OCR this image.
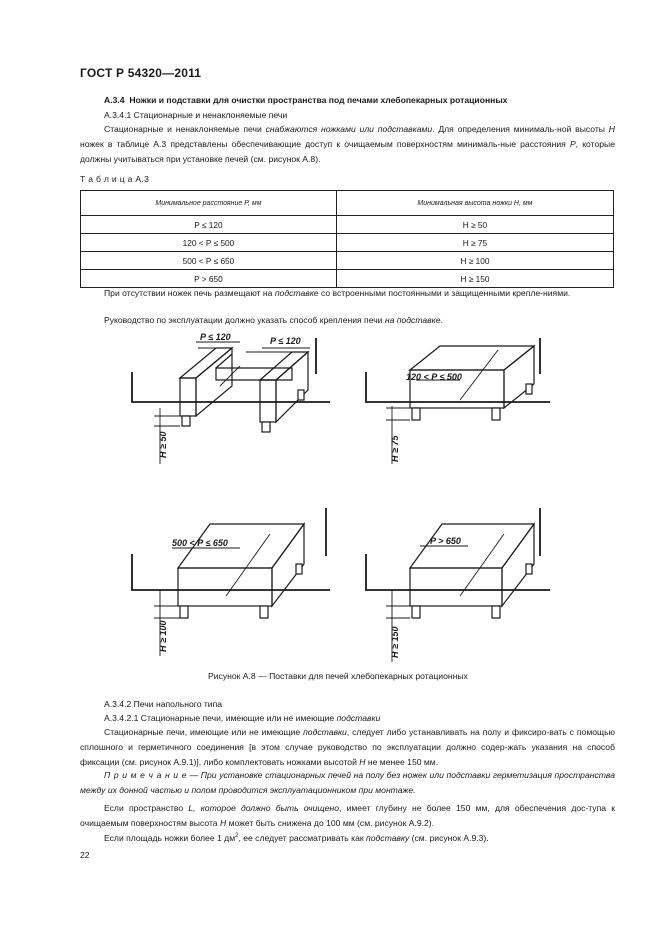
ГОСТ Р 54320—2011
А.3.4 Ножки и подставки для очистки пространства под печами хлебопекарных ротационных
А.3.4.1 Стационарные и ненаклоняемые печи
Стационарные и ненаклоняемые печи снабжаются ножками или подставками. Для определения минималь-ной высоты H ножек в таблице А.3 представлены обеспечивающие доступ к очищаемым поверхностям минималь-ные расстояния P, которые должны учитываться при установке печей (см. рисунок А.8).
Т а б л и ц а А.3
Минимальное расстояние P, мм	Минимальная высота ножки H, мм
P ≤ 120	H ≥ 50
120 < P ≤ 500	H ≥ 75
500 < P ≤ 650	H ≥ 100
P > 650	H ≥ 150
При отсутствии ножек печь размещают на подставке со встроенными постоянными и защищенными крепле-ниями.
Руководство по эксплуатации должно указать способ крепления печи на подставке.
P ≤ 120	P ≤ 120
H ≥ 50
120 < P ≤ 500
H ≥ 75
500 < P ≤ 650
H ≥ 100
P > 650
H ≥ 150
Рисунок А.8 — Поставки для печей хлебопекарных ротационных
А.3.4.2 Печи напольного типа
А.3.4.2.1 Стационарные печи, имеющие или не имеющие подставки
Стационарные печи, имеющие или не имеющие подставки, следует либо устанавливать на полу и фиксиро-вать с помощью сплошного и герметичного соединения [в этом случае руководство по эксплуатации должно содер-жать указания на способ фиксации (см. рисунок А.9.1)], либо комплектовать ножками высотой H не менее 150 мм.
П р и м е ч а н и е — При установке стационарных печей на полу без ножек или подставки герметизация пространства между их донной частью и полом проводится эксплуатационником при монтаже.
Если пространство L, которое должно быть очищено, имеет глубину не более 150 мм, для обеспечения дос-тупа к очищаемым поверхностям высота H может быть снижена до 100 мм (см. рисунок А.9.2).
Если площадь ножки более 1 $дм^2$, ее следует рассматривать как подставку (см. рисунок А.9.3).
22
